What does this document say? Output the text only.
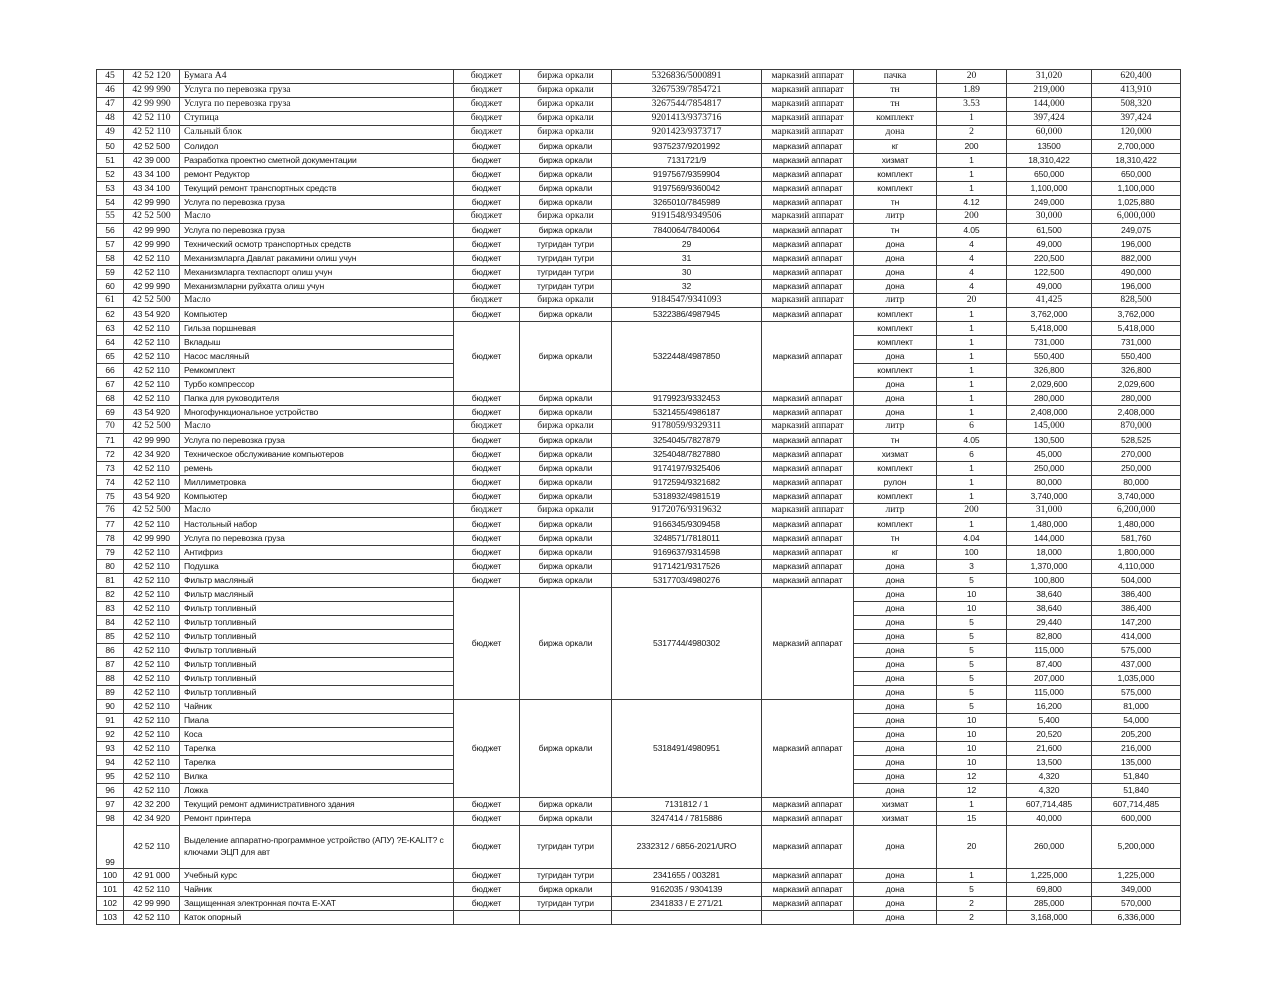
45	42 52 120	Бумага А4	бюджет	биржа оркали	5326836/5000891	марказий аппарат	пачка	20	31,020	620,400
46	42 99 990	Услуга по перевозка груза	бюджет	биржа оркали	3267539/7854721	марказий аппарат	тн	1.89	219,000	413,910
47	42 99 990	Услуга по перевозка груза	бюджет	биржа оркали	3267544/7854817	марказий аппарат	тн	3.53	144,000	508,320
48	42 52 110	Ступица	бюджет	биржа оркали	9201413/9373716	марказий аппарат	комплект	1	397,424	397,424
49	42 52 110	Сальный блок	бюджет	биржа оркали	9201423/9373717	марказий аппарат	дона	2	60,000	120,000
50	42 52 500	Солидол	бюджет	биржа оркали	9375237/9201992	марказий аппарат	кг	200	13500	2,700,000
51	42 39 000	Разработка проектно сметной документации	бюджет	биржа оркали	7131721/9	марказий аппарат	хизмат	1	18,310,422	18,310,422
52	43 34 100	ремонт Редуктор	бюджет	биржа оркали	9197567/9359904	марказий аппарат	комплект	1	650,000	650,000
53	43 34 100	Текущий ремонт транспортных средств	бюджет	биржа оркали	9197569/9360042	марказий аппарат	комплект	1	1,100,000	1,100,000
54	42 99 990	Услуга по перевозка груза	бюджет	биржа оркали	3265010/7845989	марказий аппарат	тн	4.12	249,000	1,025,880
55	42 52 500	Масло	бюджет	биржа оркали	9191548/9349506	марказий аппарат	литр	200	30,000	6,000,000
56	42 99 990	Услуга по перевозка груза	бюджет	биржа оркали	7840064/7840064	марказий аппарат	тн	4.05	61,500	249,075
57	42 99 990	Технический осмотр транспортных средств	бюджет	тугридан тугри	29	марказий аппарат	дона	4	49,000	196,000
58	42 52 110	Механизмларга Давлат ракамини олиш учун	бюджет	тугридан тугри	31	марказий аппарат	дона	4	220,500	882,000
59	42 52 110	Механизмларга техпаспорт олиш учун	бюджет	тугридан тугри	30	марказий аппарат	дона	4	122,500	490,000
60	42 99 990	Механизмларни руйхатга олиш учун	бюджет	тугридан тугри	32	марказий аппарат	дона	4	49,000	196,000
61	42 52 500	Масло	бюджет	биржа оркали	9184547/9341093	марказий аппарат	литр	20	41,425	828,500
62	43 54 920	Компьютер	бюджет	биржа оркали	5322386/4987945	марказий аппарат	комплект	1	3,762,000	3,762,000
63	42 52 110	Гильза поршневая	бюджет	биржа оркали	5322448/4987850	марказий аппарат	комплект	1	5,418,000	5,418,000
64	42 52 110	Вкладыш					комплект	1	731,000	731,000
65	42 52 110	Насос масляный					дона	1	550,400	550,400
66	42 52 110	Ремкомплект					комплект	1	326,800	326,800
67	42 52 110	Турбо компрессор					дона	1	2,029,600	2,029,600
68	42 52 110	Папка для руководителя	бюджет	биржа оркали	9179923/9332453	марказий аппарат	дона	1	280,000	280,000
69	43 54 920	Многофункциональное устройство	бюджет	биржа оркали	5321455/4986187	марказий аппарат	дона	1	2,408,000	2,408,000
70	42 52 500	Масло	бюджет	биржа оркали	9178059/9329311	марказий аппарат	литр	6	145,000	870,000
71	42 99 990	Услуга по перевозка груза	бюджет	биржа оркали	3254045/7827879	марказий аппарат	тн	4.05	130,500	528,525
72	42 34 920	Техническое обслуживание компьютеров	бюджет	биржа оркали	3254048/7827880	марказий аппарат	хизмат	6	45,000	270,000
73	42 52 110	ремень	бюджет	биржа оркали	9174197/9325406	марказий аппарат	комплект	1	250,000	250,000
74	42 52 110	Миллиметровка	бюджет	биржа оркали	9172594/9321682	марказий аппарат	рулон	1	80,000	80,000
75	43 54 920	Компьютер	бюджет	биржа оркали	5318932/4981519	марказий аппарат	комплект	1	3,740,000	3,740,000
76	42 52 500	Масло	бюджет	биржа оркали	9172076/9319632	марказий аппарат	литр	200	31,000	6,200,000
77	42 52 110	Настольный набор	бюджет	биржа оркали	9166345/9309458	марказий аппарат	комплект	1	1,480,000	1,480,000
78	42 99 990	Услуга по перевозка груза	бюджет	биржа оркали	3248571/7818011	марказий аппарат	тн	4.04	144,000	581,760
79	42 52 110	Антифриз	бюджет	биржа оркали	9169637/9314598	марказий аппарат	кг	100	18,000	1,800,000
80	42 52 110	Подушка	бюджет	биржа оркали	9171421/9317526	марказий аппарат	дона	3	1,370,000	4,110,000
81	42 52 110	Фильтр масляный	бюджет	биржа оркали	5317703/4980276	марказий аппарат	дона	5	100,800	504,000
82	42 52 110	Фильтр масляный	бюджет	биржа оркали	5317744/4980302	марказий аппарат	дона	10	38,640	386,400
83	42 52 110	Фильтр топливный					дона	10	38,640	386,400
84	42 52 110	Фильтр топливный					дона	5	29,440	147,200
85	42 52 110	Фильтр топливный					дона	5	82,800	414,000
86	42 52 110	Фильтр топливный					дона	5	115,000	575,000
87	42 52 110	Фильтр топливный					дона	5	87,400	437,000
88	42 52 110	Фильтр топливный					дона	5	207,000	1,035,000
89	42 52 110	Фильтр топливный					дона	5	115,000	575,000
90	42 52 110	Чайник	бюджет	биржа оркали	5318491/4980951	марказий аппарат	дона	5	16,200	81,000
91	42 52 110	Пиала					дона	10	5,400	54,000
92	42 52 110	Коса					дона	10	20,520	205,200
93	42 52 110	Тарелка					дона	10	21,600	216,000
94	42 52 110	Тарелка					дона	10	13,500	135,000
95	42 52 110	Вилка					дона	12	4,320	51,840
96	42 52 110	Ложка					дона	12	4,320	51,840
97	42 32 200	Текущий ремонт административного здания	бюджет	биржа оркали	7131812 / 1	марказий аппарат	хизмат	1	607,714,485	607,714,485
98	42 34 920	Ремонт принтера	бюджет	биржа оркали	3247414 / 7815886	марказий аппарат	хизмат	15	40,000	600,000
99	42 52 110	Выделение аппаратно-программное устройство (АПУ) ?E-KALIT? с ключами ЭЦП для авт	бюджет	тугридан тугри	2332312 / 6856-2021/URO	марказий аппарат	дона	20	260,000	5,200,000
100	42 91 000	Учебный курс	бюджет	тугридан тугри	2341655 / 003281	марказий аппарат	дона	1	1,225,000	1,225,000
101	42 52 110	Чайник	бюджет	биржа оркали	9162035 / 9304139	марказий аппарат	дона	5	69,800	349,000
102	42 99 990	Защищенная электронная почта E-XAT	бюджет	тугридан тугри	2341833 / Е 271/21	марказий аппарат	дона	2	285,000	570,000
103	42 52 110	Каток опорный					дона	2	3,168,000	6,336,000
